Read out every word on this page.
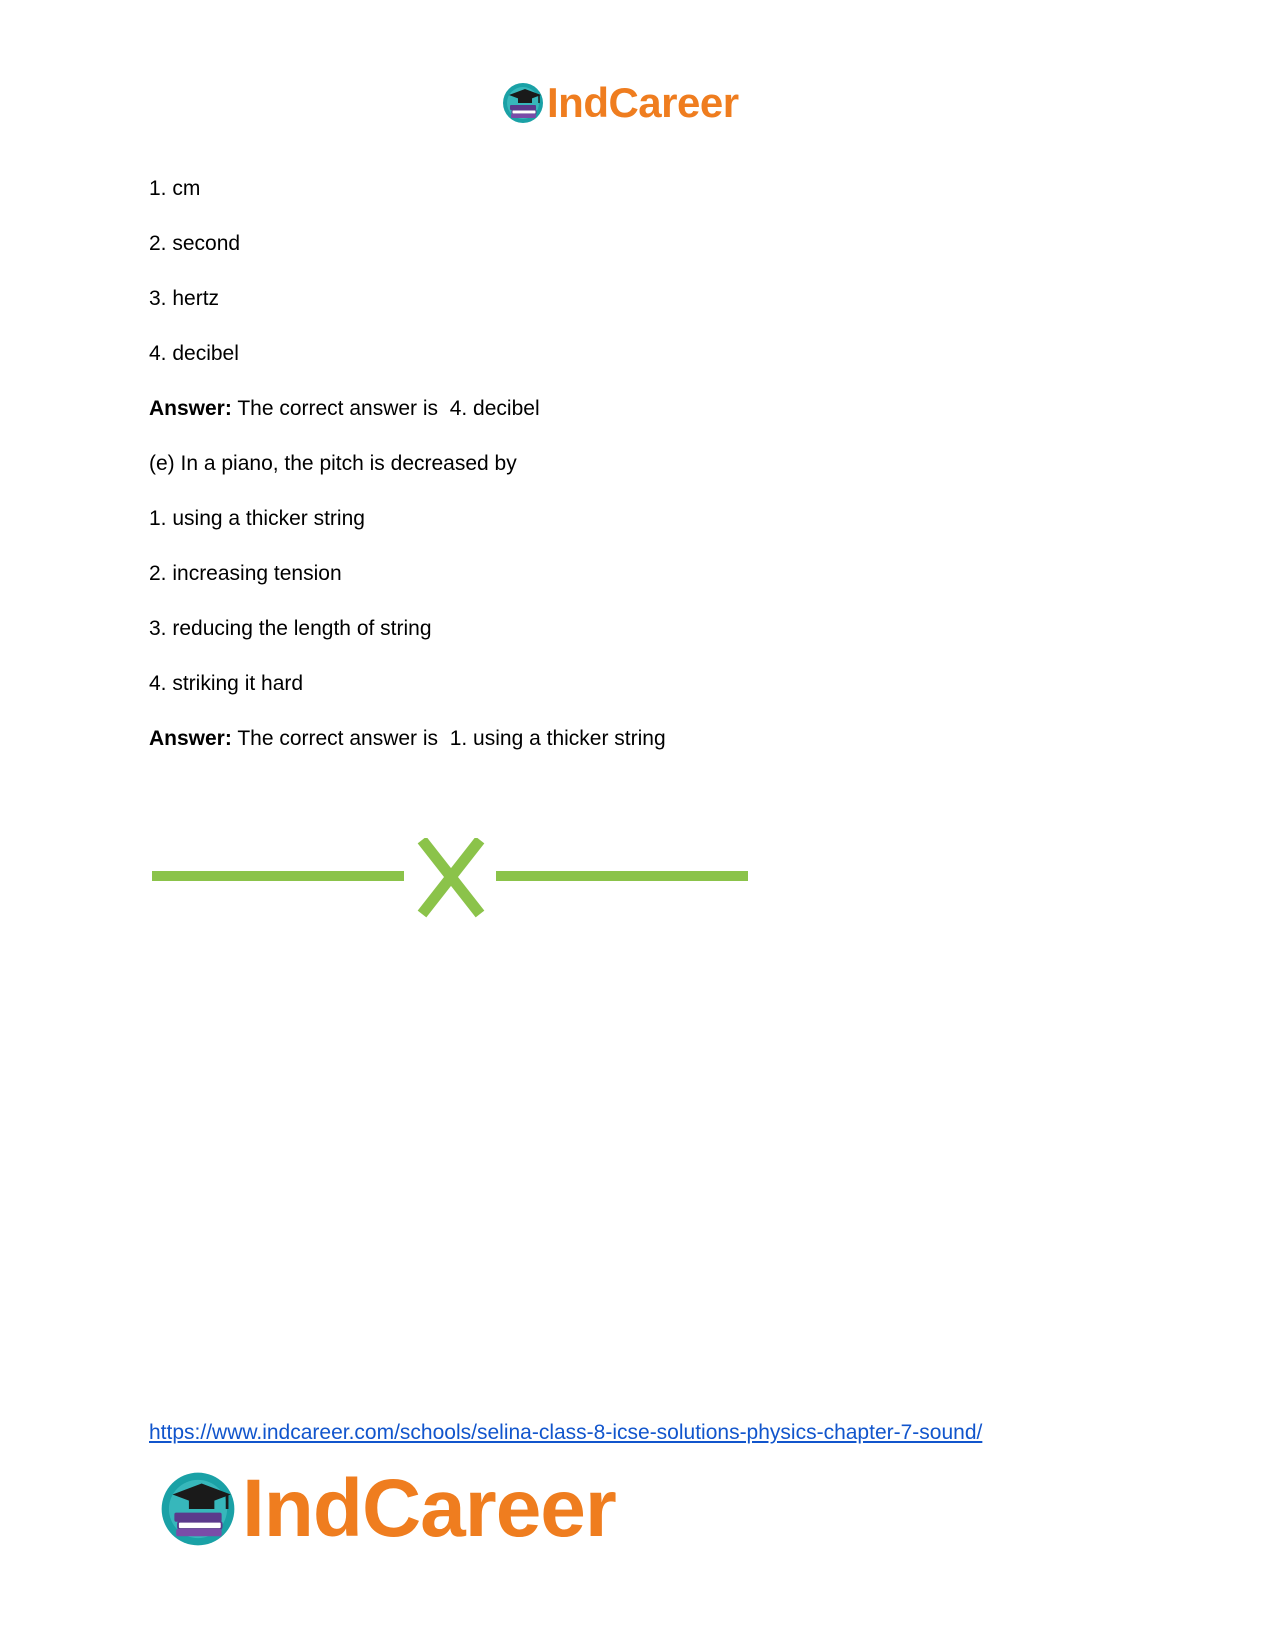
IndCareer
1. cm
2. second
3. hertz
4. decibel
Answer: The correct answer is  4. decibel
(e) In a piano, the pitch is decreased by
1. using a thicker string
2. increasing tension
3. reducing the length of string
4. striking it hard
Answer: The correct answer is  1. using a thicker string
https://www.indcareer.com/schools/selina-class-8-icse-solutions-physics-chapter-7-sound/
IndCareer
